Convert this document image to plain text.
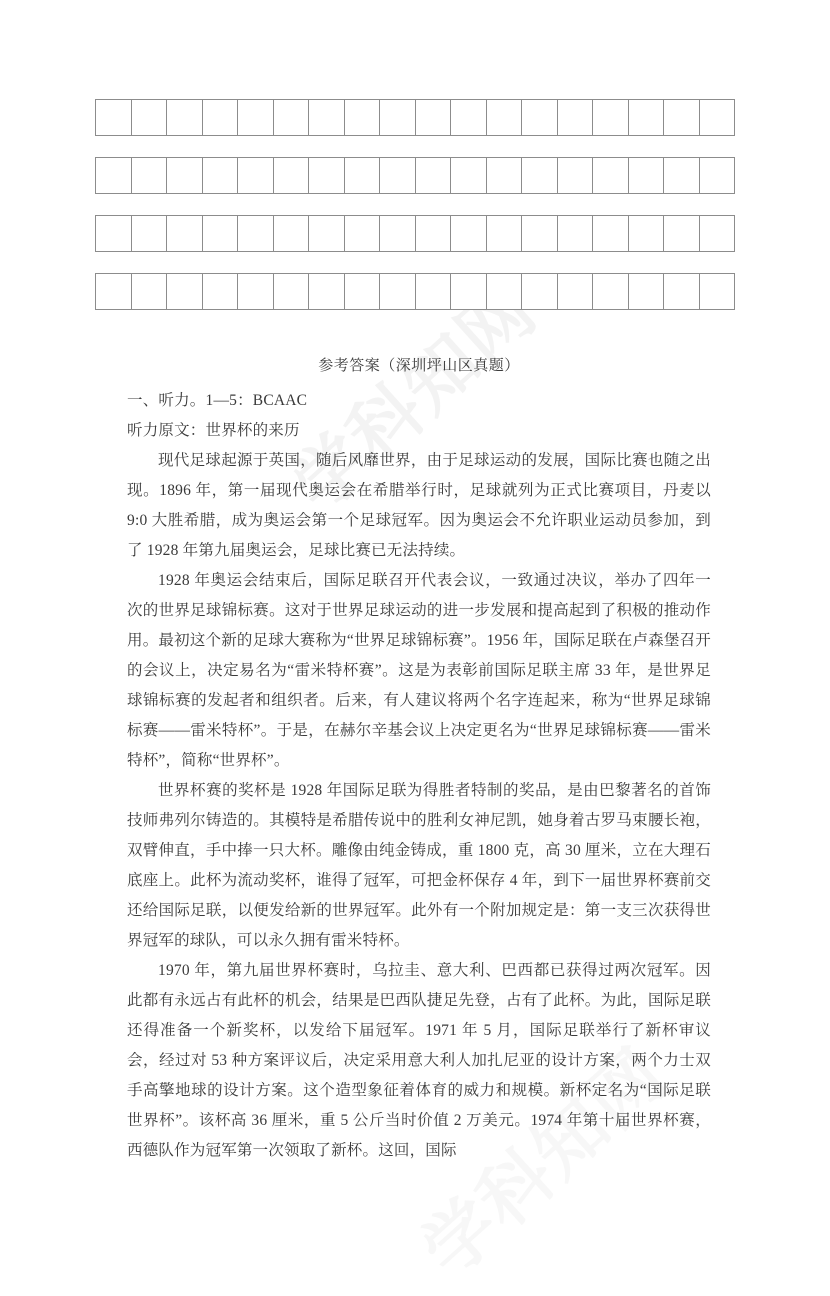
参考答案（深圳坪山区真题）

一、听力。1—5：BCAAC

听力原文：世界杯的来历

现代足球起源于英国，随后风靡世界，由于足球运动的发展，国际比赛也随之出现。1896 年，第一届现代奥运会在希腊举行时，足球就列为正式比赛项目，丹麦以 9:0 大胜希腊，成为奥运会第一个足球冠军。因为奥运会不允许职业运动员参加，到了 1928 年第九届奥运会，足球比赛已无法持续。

1928 年奥运会结束后，国际足联召开代表会议，一致通过决议，举办了四年一次的世界足球锦标赛。这对于世界足球运动的进一步发展和提高起到了积极的推动作用。最初这个新的足球大赛称为“世界足球锦标赛”。1956 年，国际足联在卢森堡召开的会议上，决定易名为“雷米特杯赛”。这是为表彰前国际足联主席 33 年，是世界足球锦标赛的发起者和组织者。后来，有人建议将两个名字连起来，称为“世界足球锦标赛——雷米特杯”。于是，在赫尔辛基会议上决定更名为“世界足球锦标赛——雷米特杯”，简称“世界杯”。

世界杯赛的奖杯是 1928 年国际足联为得胜者特制的奖品，是由巴黎著名的首饰技师弗列尔铸造的。其模特是希腊传说中的胜利女神尼凯，她身着古罗马束腰长袍，双臂伸直，手中捧一只大杯。雕像由纯金铸成，重 1800 克，高 30 厘米，立在大理石底座上。此杯为流动奖杯，谁得了冠军，可把金杯保存 4 年，到下一届世界杯赛前交还给国际足联，以便发给新的世界冠军。此外有一个附加规定是：第一支三次获得世界冠军的球队，可以永久拥有雷米特杯。

1970 年，第九届世界杯赛时，乌拉圭、意大利、巴西都已获得过两次冠军。因此都有永远占有此杯的机会，结果是巴西队捷足先登，占有了此杯。为此，国际足联还得准备一个新奖杯，以发给下届冠军。1971 年 5 月，国际足联举行了新杯审议会，经过对 53 种方案评议后，决定采用意大利人加扎尼亚的设计方案，两个力士双手高擎地球的设计方案。这个造型象征着体育的威力和规模。新杯定名为“国际足联世界杯”。该杯高 36 厘米，重 5 公斤当时价值 2 万美元。1974 年第十届世界杯赛，西德队作为冠军第一次领取了新杯。这回，国际
